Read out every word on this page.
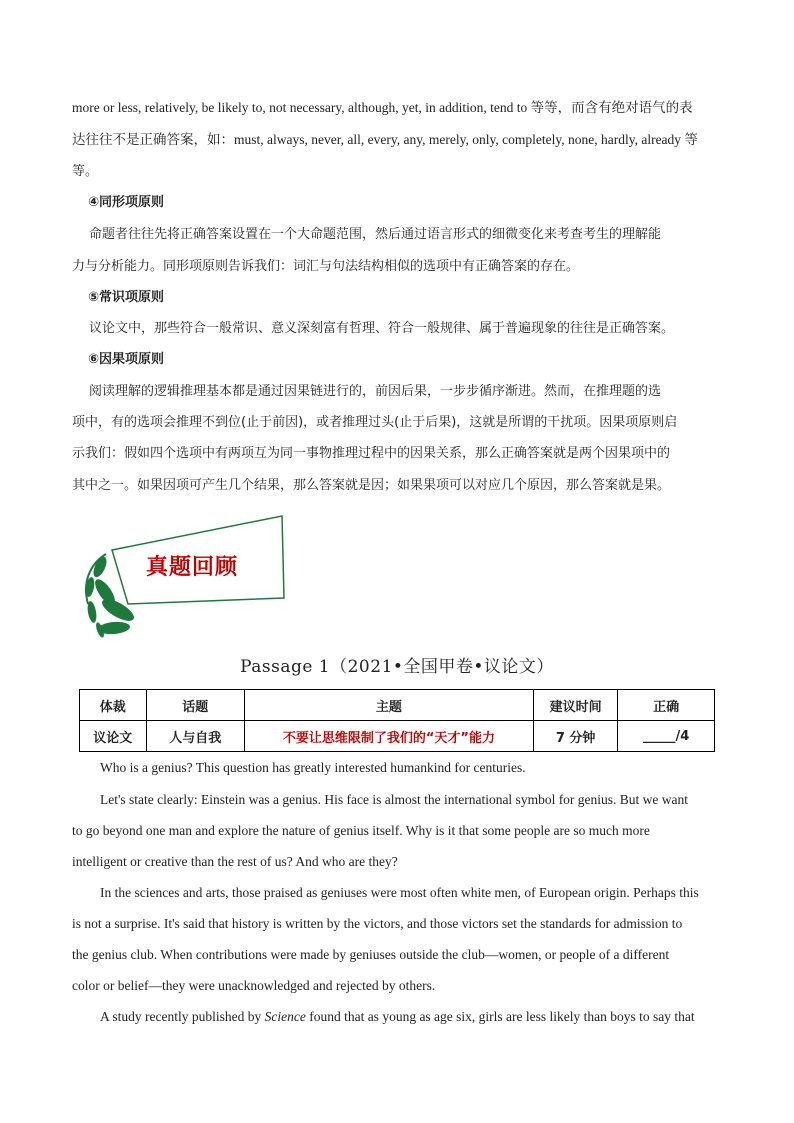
more or less, relatively, be likely to, not necessary, although, yet, in addition, tend to 等等，而含有绝对语气的表

达往往不是正确答案，如：must, always, never, all, every, any, merely, only, completely, none, hardly, already 等

等。

④同形项原则

命题者往往先将正确答案设置在一个大命题范围，然后通过语言形式的细微变化来考查考生的理解能

力与分析能力。同形项原则告诉我们：词汇与句法结构相似的选项中有正确答案的存在。

⑤常识项原则

议论文中，那些符合一般常识、意义深刻富有哲理、符合一般规律、属于普遍现象的往往是正确答案。

⑥因果项原则

阅读理解的逻辑推理基本都是通过因果链进行的，前因后果，一步步循序渐进。然而，在推理题的选

项中，有的选项会推理不到位(止于前因)，或者推理过头(止于后果)，这就是所谓的干扰项。因果项原则启

示我们：假如四个选项中有两项互为同一事物推理过程中的因果关系，那么正确答案就是两个因果项中的

其中之一。如果因项可产生几个结果，那么答案就是因；如果果项可以对应几个原因，那么答案就是果。

真题回顾

Passage 1（2021•全国甲卷•议论文）

体裁	话题	主题	建议时间	正确
议论文	人与自我	不要让思维限制了我们的“天才”能力	7 分钟	_____/4

Who is a genius? This question has greatly interested humankind for centuries.

Let's state clearly: Einstein was a genius. His face is almost the international symbol for genius. But we want

to go beyond one man and explore the nature of genius itself. Why is it that some people are so much more

intelligent or creative than the rest of us? And who are they?

In the sciences and arts, those praised as geniuses were most often white men, of European origin. Perhaps this

is not a surprise. It's said that history is written by the victors, and those victors set the standards for admission to

the genius club. When contributions were made by geniuses outside the club—women, or people of a different

color or belief—they were unacknowledged and rejected by others.

A study recently published by Science found that as young as age six, girls are less likely than boys to say that
